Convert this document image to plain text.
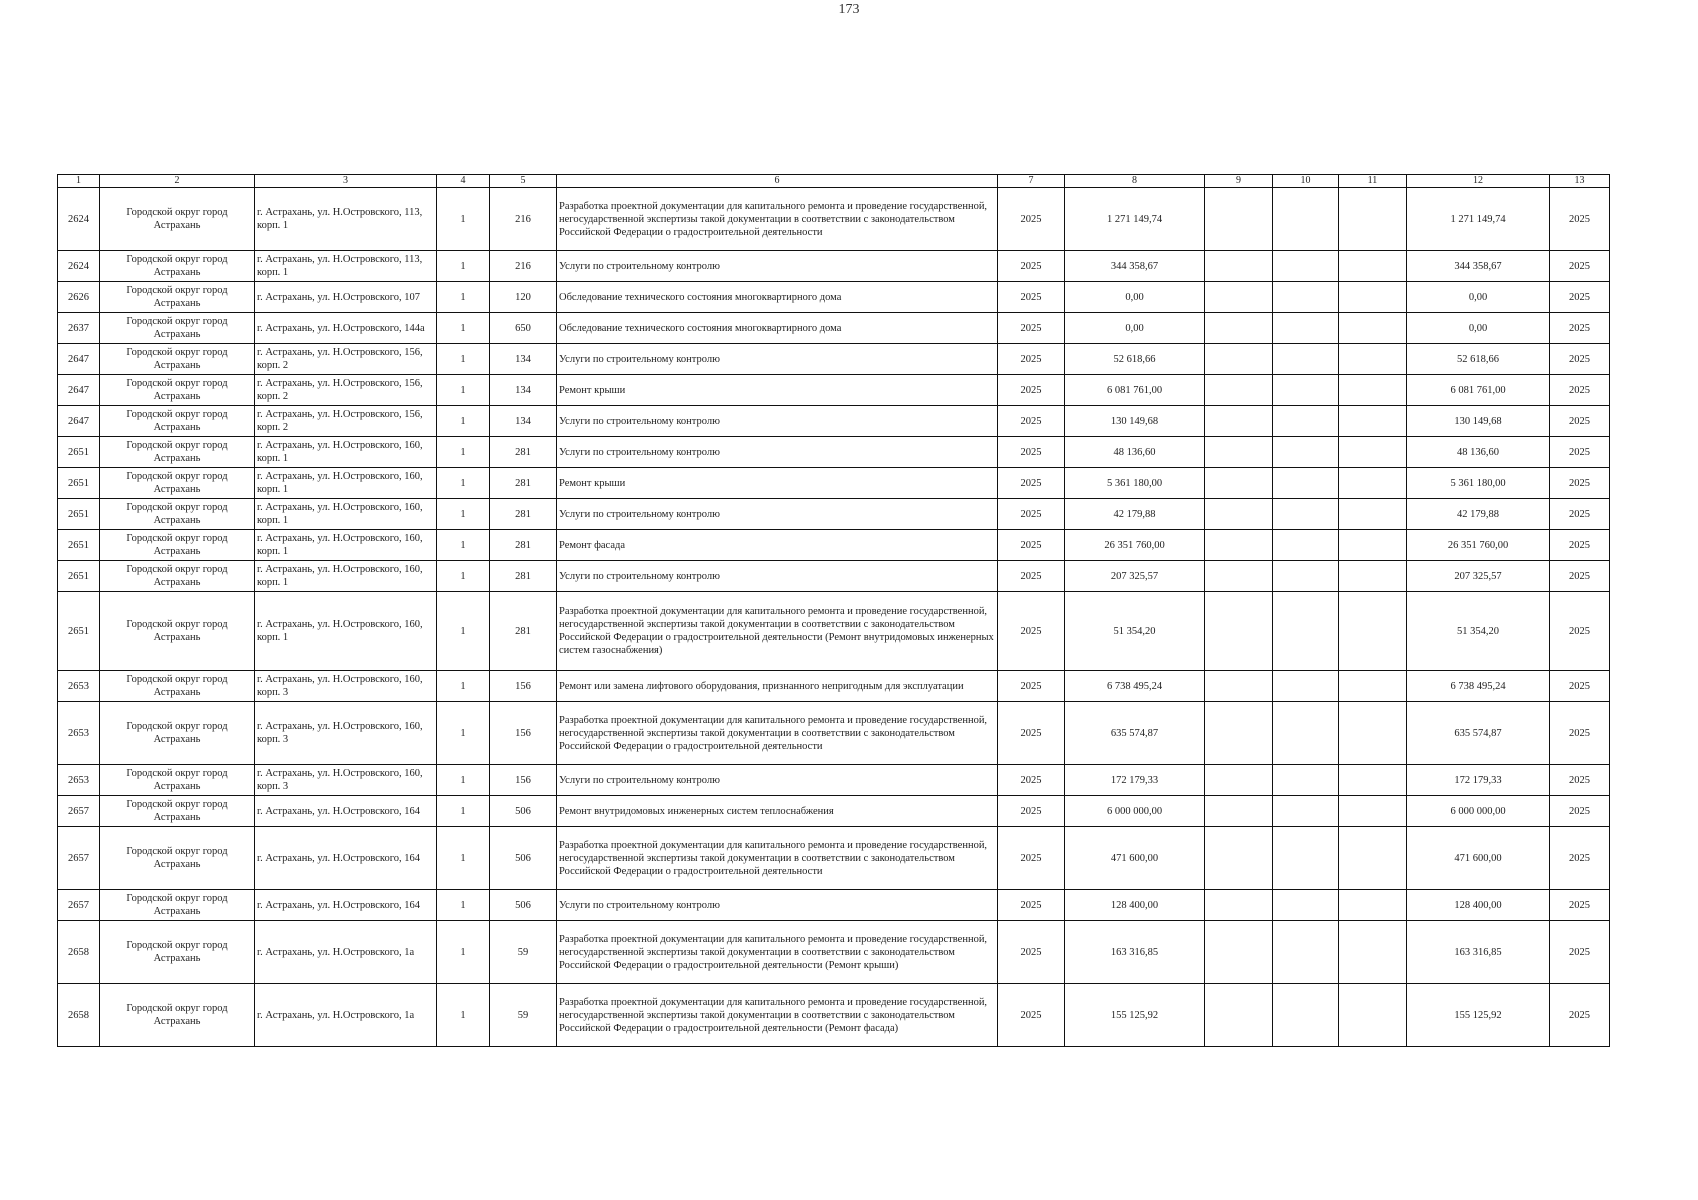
173
1	2	3	4	5	6	7	8	9	10	11	12	13
2624	Городской округ город Астрахань	г. Астрахань, ул. Н.Островского, 113, корп. 1	1	216	Разработка проектной документации для капитального ремонта и проведение государственной, негосударственной экспертизы такой документации в соответствии с законодательством Российской Федерации о градостроительной деятельности	2025	1 271 149,74				1 271 149,74	2025
2624	Городской округ город Астрахань	г. Астрахань, ул. Н.Островского, 113, корп. 1	1	216	Услуги по строительному контролю	2025	344 358,67				344 358,67	2025
2626	Городской округ город Астрахань	г. Астрахань, ул. Н.Островского, 107	1	120	Обследование технического состояния многоквартирного дома	2025	0,00				0,00	2025
2637	Городской округ город Астрахань	г. Астрахань, ул. Н.Островского, 144а	1	650	Обследование технического состояния многоквартирного дома	2025	0,00				0,00	2025
2647	Городской округ город Астрахань	г. Астрахань, ул. Н.Островского, 156, корп. 2	1	134	Услуги по строительному контролю	2025	52 618,66				52 618,66	2025
2647	Городской округ город Астрахань	г. Астрахань, ул. Н.Островского, 156, корп. 2	1	134	Ремонт крыши	2025	6 081 761,00				6 081 761,00	2025
2647	Городской округ город Астрахань	г. Астрахань, ул. Н.Островского, 156, корп. 2	1	134	Услуги по строительному контролю	2025	130 149,68				130 149,68	2025
2651	Городской округ город Астрахань	г. Астрахань, ул. Н.Островского, 160, корп. 1	1	281	Услуги по строительному контролю	2025	48 136,60				48 136,60	2025
2651	Городской округ город Астрахань	г. Астрахань, ул. Н.Островского, 160, корп. 1	1	281	Ремонт крыши	2025	5 361 180,00				5 361 180,00	2025
2651	Городской округ город Астрахань	г. Астрахань, ул. Н.Островского, 160, корп. 1	1	281	Услуги по строительному контролю	2025	42 179,88				42 179,88	2025
2651	Городской округ город Астрахань	г. Астрахань, ул. Н.Островского, 160, корп. 1	1	281	Ремонт фасада	2025	26 351 760,00				26 351 760,00	2025
2651	Городской округ город Астрахань	г. Астрахань, ул. Н.Островского, 160, корп. 1	1	281	Услуги по строительному контролю	2025	207 325,57				207 325,57	2025
2651	Городской округ город Астрахань	г. Астрахань, ул. Н.Островского, 160, корп. 1	1	281	Разработка проектной документации для капитального ремонта и проведение государственной, негосударственной экспертизы такой документации в соответствии с законодательством Российской Федерации о градостроительной деятельности (Ремонт внутридомовых инженерных систем газоснабжения)	2025	51 354,20				51 354,20	2025
2653	Городской округ город Астрахань	г. Астрахань, ул. Н.Островского, 160, корп. 3	1	156	Ремонт или замена лифтового оборудования, признанного непригодным для эксплуатации	2025	6 738 495,24				6 738 495,24	2025
2653	Городской округ город Астрахань	г. Астрахань, ул. Н.Островского, 160, корп. 3	1	156	Разработка проектной документации для капитального ремонта и проведение государственной, негосударственной экспертизы такой документации в соответствии с законодательством Российской Федерации о градостроительной деятельности	2025	635 574,87				635 574,87	2025
2653	Городской округ город Астрахань	г. Астрахань, ул. Н.Островского, 160, корп. 3	1	156	Услуги по строительному контролю	2025	172 179,33				172 179,33	2025
2657	Городской округ город Астрахань	г. Астрахань, ул. Н.Островского, 164	1	506	Ремонт внутридомовых инженерных систем теплоснабжения	2025	6 000 000,00				6 000 000,00	2025
2657	Городской округ город Астрахань	г. Астрахань, ул. Н.Островского, 164	1	506	Разработка проектной документации для капитального ремонта и проведение государственной, негосударственной экспертизы такой документации в соответствии с законодательством Российской Федерации о градостроительной деятельности	2025	471 600,00				471 600,00	2025
2657	Городской округ город Астрахань	г. Астрахань, ул. Н.Островского, 164	1	506	Услуги по строительному контролю	2025	128 400,00				128 400,00	2025
2658	Городской округ город Астрахань	г. Астрахань, ул. Н.Островского, 1а	1	59	Разработка проектной документации для капитального ремонта и проведение государственной, негосударственной экспертизы такой документации в соответствии с законодательством Российской Федерации о градостроительной деятельности (Ремонт крыши)	2025	163 316,85				163 316,85	2025
2658	Городской округ город Астрахань	г. Астрахань, ул. Н.Островского, 1а	1	59	Разработка проектной документации для капитального ремонта и проведение государственной, негосударственной экспертизы такой документации в соответствии с законодательством Российской Федерации о градостроительной деятельности (Ремонт фасада)	2025	155 125,92				155 125,92	2025
